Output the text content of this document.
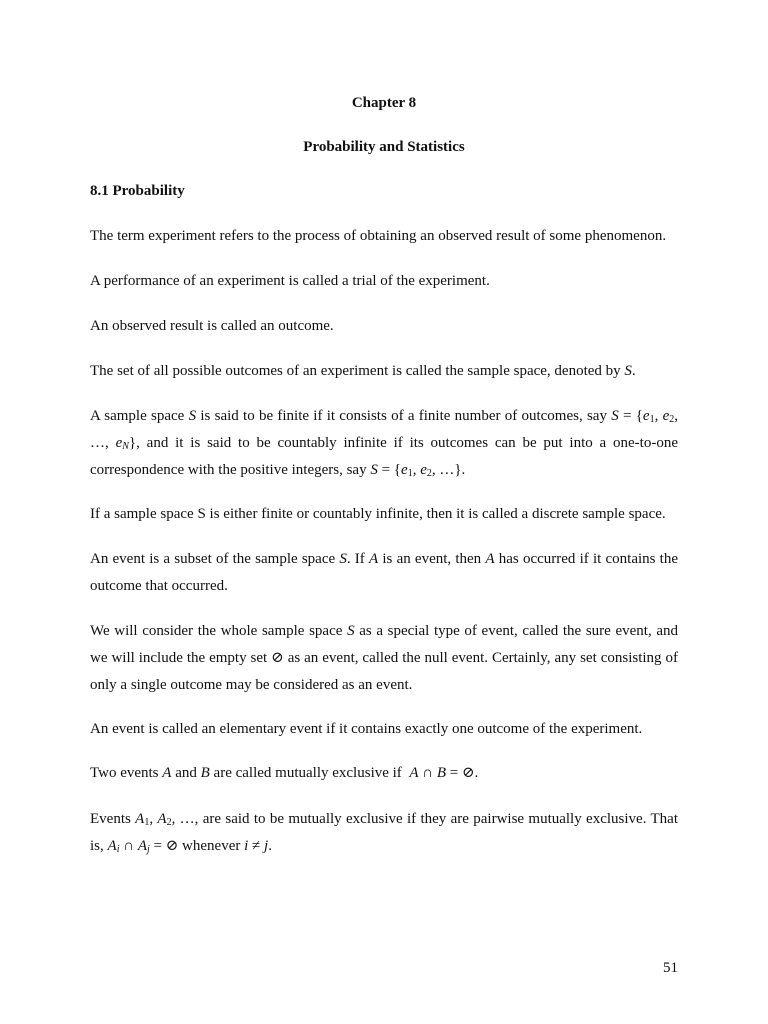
Chapter 8
Probability and Statistics
8.1 Probability

The term experiment refers to the process of obtaining an observed result of some phenomenon.

A performance of an experiment is called a trial of the experiment.

An observed result is called an outcome.

The set of all possible outcomes of an experiment is called the sample space, denoted by S.

A sample space S is said to be finite if it consists of a finite number of outcomes, say $S = \{e_1$, $e_2$, …, $e_N$}, and it is said to be countably infinite if its outcomes can be put into a one-to-one correspondence with the positive integers, say $S = \{e_1$, $e_2$, …}.

If a sample space S is either finite or countably infinite, then it is called a discrete sample space.

An event is a subset of the sample space S. If A is an event, then A has occurred if it contains the outcome that occurred.

We will consider the whole sample space S as a special type of event, called the sure event, and we will include the empty set ⊘ as an event, called the null event. Certainly, any set consisting of only a single outcome may be considered as an event.

An event is called an elementary event if it contains exactly one outcome of the experiment.

Two events A and B are called mutually exclusive if A ∩ B = ⊘.

Events $A_1$, $A_2$, …, are said to be mutually exclusive if they are pairwise mutually exclusive. That is, $A_i$ ∩ $A_j$ = ⊘ whenever i ≠ j.

51
